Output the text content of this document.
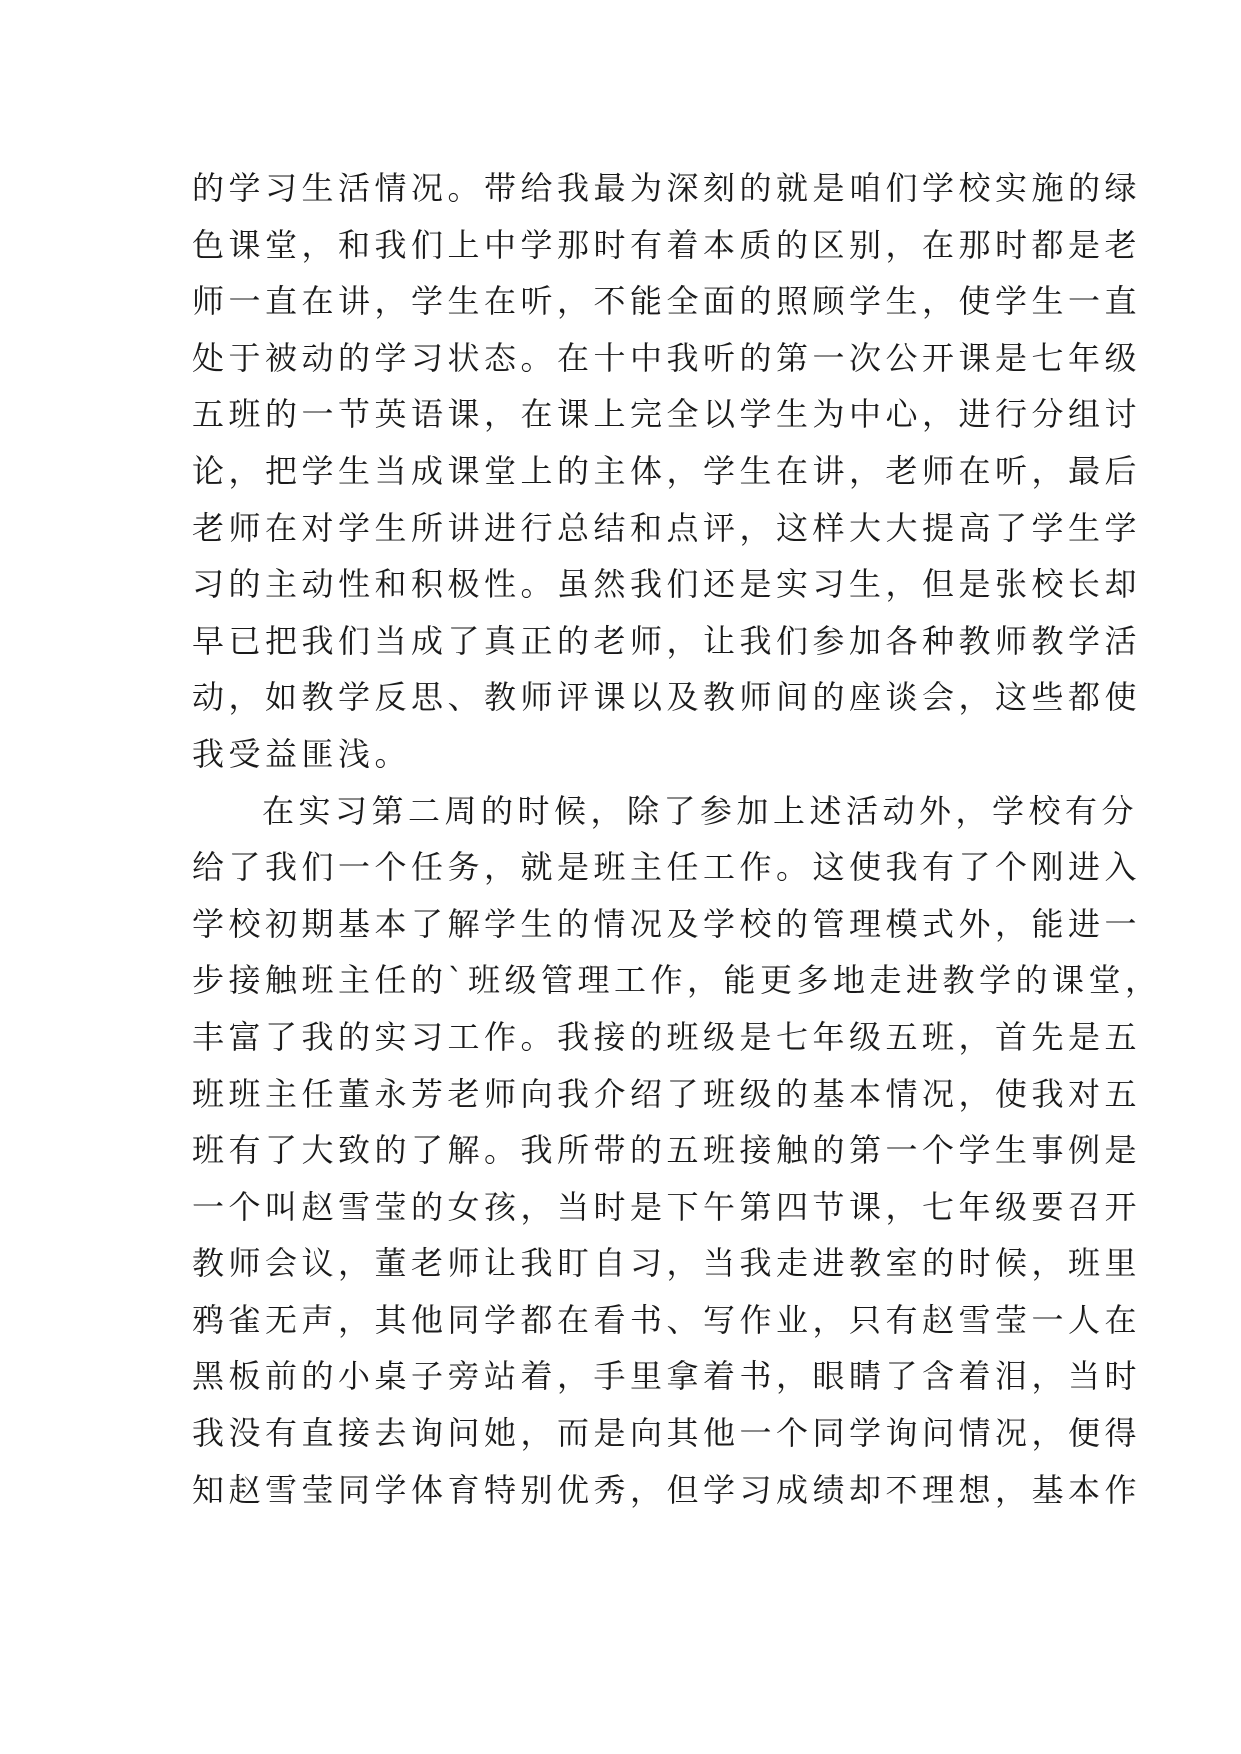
的学习生活情况。带给我最为深刻的就是咱们学校实施的绿
色课堂，和我们上中学那时有着本质的区别，在那时都是老
师一直在讲，学生在听，不能全面的照顾学生，使学生一直
处于被动的学习状态。在十中我听的第一次公开课是七年级
五班的一节英语课，在课上完全以学生为中心，进行分组讨
论，把学生当成课堂上的主体，学生在讲，老师在听，最后
老师在对学生所讲进行总结和点评，这样大大提高了学生学
习的主动性和积极性。虽然我们还是实习生，但是张校长却
早已把我们当成了真正的老师，让我们参加各种教师教学活
动，如教学反思、教师评课以及教师间的座谈会，这些都使
我受益匪浅。
在实习第二周的时候，除了参加上述活动外，学校有分
给了我们一个任务，就是班主任工作。这使我有了个刚进入
学校初期基本了解学生的情况及学校的管理模式外，能进一
步接触班主任的`班级管理工作，能更多地走进教学的课堂，
丰富了我的实习工作。我接的班级是七年级五班，首先是五
班班主任董永芳老师向我介绍了班级的基本情况，使我对五
班有了大致的了解。我所带的五班接触的第一个学生事例是
一个叫赵雪莹的女孩，当时是下午第四节课，七年级要召开
教师会议，董老师让我盯自习，当我走进教室的时候，班里
鸦雀无声，其他同学都在看书、写作业，只有赵雪莹一人在
黑板前的小桌子旁站着，手里拿着书，眼睛了含着泪，当时
我没有直接去询问她，而是向其他一个同学询问情况，便得
知赵雪莹同学体育特别优秀，但学习成绩却不理想，基本作
